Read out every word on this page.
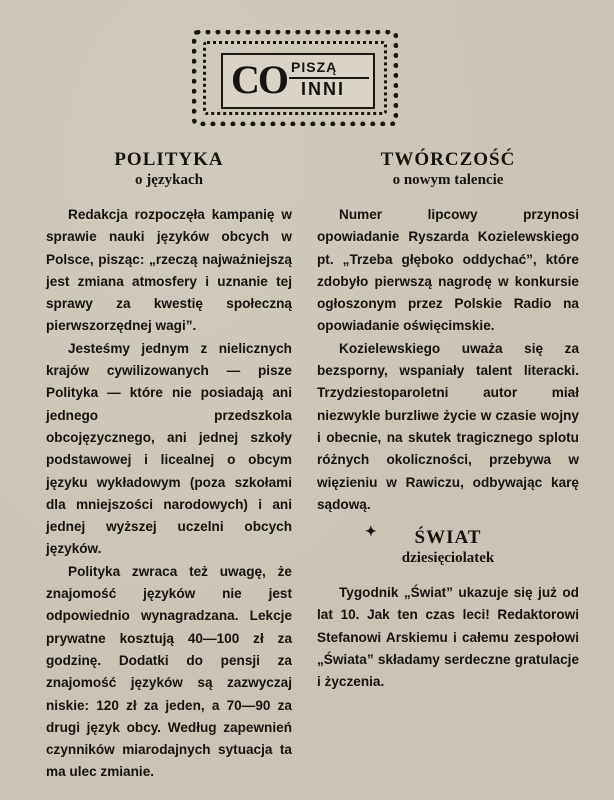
CO PISZĄ
INNI
POLITYKA
o językach

Redakcja rozpoczęła kampanię w sprawie nauki języków obcych w Polsce, pisząc: „rzeczą najważniejszą jest zmiana atmosfery i uznanie tej sprawy za kwestię społeczną pierwszorzędnej wagi”.

Jesteśmy jednym z nielicznych krajów cywilizowanych — pisze Polityka — które nie posiadają ani jednego przedszkola obcojęzycznego, ani jednej szkoły podstawowej i licealnej o obcym języku wykładowym (poza szkołami dla mniejszości narodowych) i ani jednej wyższej uczelni obcych języków.

Polityka zwraca też uwagę, że znajomość języków nie jest odpowiednio wynagradzana. Lekcje prywatne kosztują 40—100 zł za godzinę. Dodatki do pensji za znajomość języków są zazwyczaj niskie: 120 zł za jeden, a 70—90 za drugi język obcy. Według zapewnień czynników miarodajnych sytuacja ta ma ulec zmianie.

TWÓRCZOŚĆ
o nowym talencie

Numer lipcowy przynosi opowiadanie Ryszarda Kozielewskiego pt. „Trzeba głęboko oddychać”, które zdobyło pierwszą nagrodę w konkursie ogłoszonym przez Polskie Radio na opowiadanie oświęcimskie.

Kozielewskiego uważa się za bezsporny, wspaniały talent literacki. Trzydziestoparoletni autor miał niezwykle burzliwe życie w czasie wojny i obecnie, na skutek tragicznego splotu różnych okoliczności, przebywa w więzieniu w Rawiczu, odbywając karę sądową.

✦	ŚWIAT
dziesięciolatek

Tygodnik „Świat” ukazuje się już od lat 10. Jak ten czas leci! Redaktorowi Stefanowi Arskiemu i całemu zespołowi „Świata” składamy serdeczne gratulacje i życzenia.
